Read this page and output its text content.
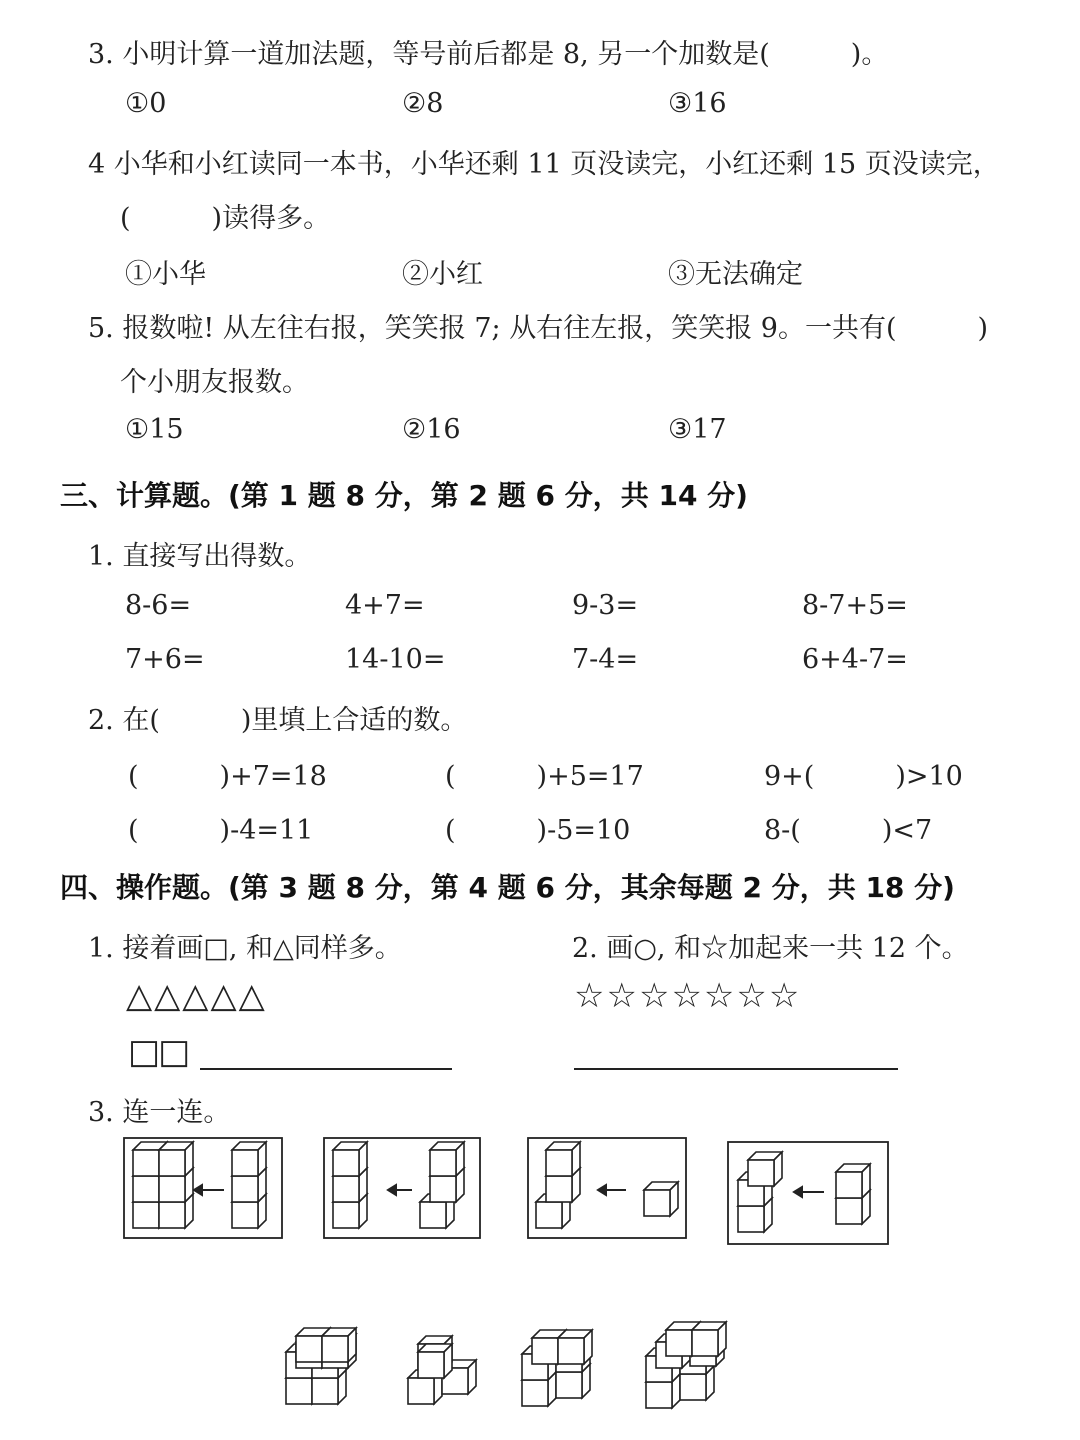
3. 小明计算一道加法题，等号前后都是 8, 另一个加数是(　　　)。
①0	②8	③16
4 小华和小红读同一本书，小华还剩 11 页没读完，小红还剩 15 页没读完，
(　　　)读得多。
①小华	②小红	③无法确定
5. 报数啦! 从左往右报，笑笑报 7; 从右往左报，笑笑报 9。一共有(　　　)
个小朋友报数。
①15	②16	③17
三、计算题。(第 1 题 8 分，第 2 题 6 分，共 14 分)
1. 直接写出得数。
8-6=	4+7=	9-3=	8-7+5=
7+6=	14-10=	7-4=	6+4-7=
2. 在(　　　)里填上合适的数。
(　　　)+7=18	(　　　)+5=17	9+(　　　)>10
(　　　)-4=11	(　　　)-5=10	8-(　　　)<7
四、操作题。(第 3 题 8 分，第 4 题 6 分，其余每题 2 分，共 18 分)
1. 接着画□, 和△同样多。	2. 画○, 和☆加起来一共 12 个。
△△△△△	☆☆☆☆☆☆☆
□□
3. 连一连。
